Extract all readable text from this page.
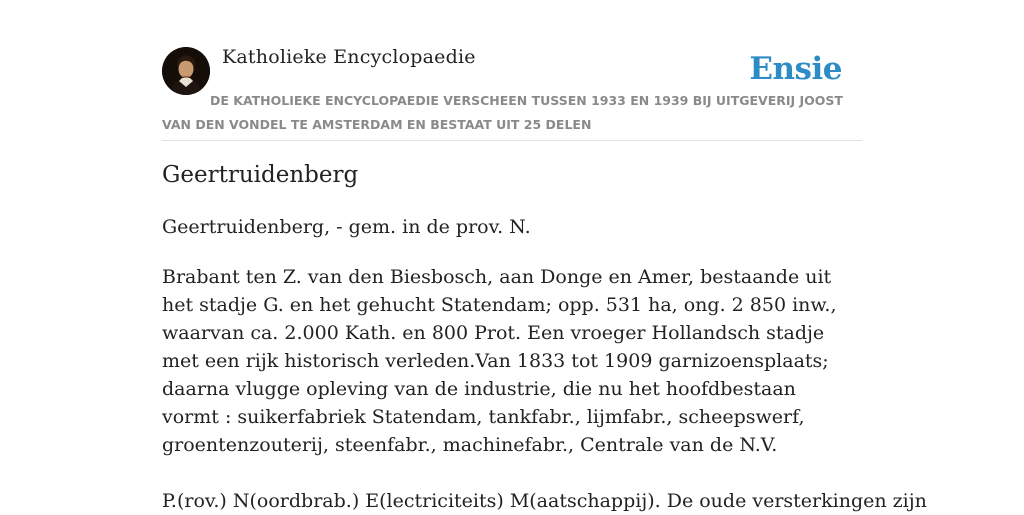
Katholieke Encyclopaedie	Ensie
DE KATHOLIEKE ENCYCLOPAEDIE VERSCHEEN TUSSEN 1933 EN 1939 BIJ UITGEVERIJ JOOST VAN DEN VONDEL TE AMSTERDAM EN BESTAAT UIT 25 DELEN
Geertruidenberg

Geertruidenberg, - gem. in de prov. N.

Brabant ten Z. van den Biesbosch, aan Donge en Amer, bestaande uit het stadje G. en het gehucht Statendam; opp. 531 ha, ong. 2 850 inw., waarvan ca. 2.000 Kath. en 800 Prot. Een vroeger Hollandsch stadje met een rijk historisch verleden.Van 1833 tot 1909 garnizoensplaats; daarna vlugge opleving van de industrie, die nu het hoofdbestaan vormt : suikerfabriek Statendam, tankfabr., lijmfabr., scheepswerf, groentenzouterij, steenfabr., machinefabr., Centrale van de N.V.

P.(rov.) N(oordbrab.) E(lectriciteits) M(aatschappij). De oude versterkingen zijn
